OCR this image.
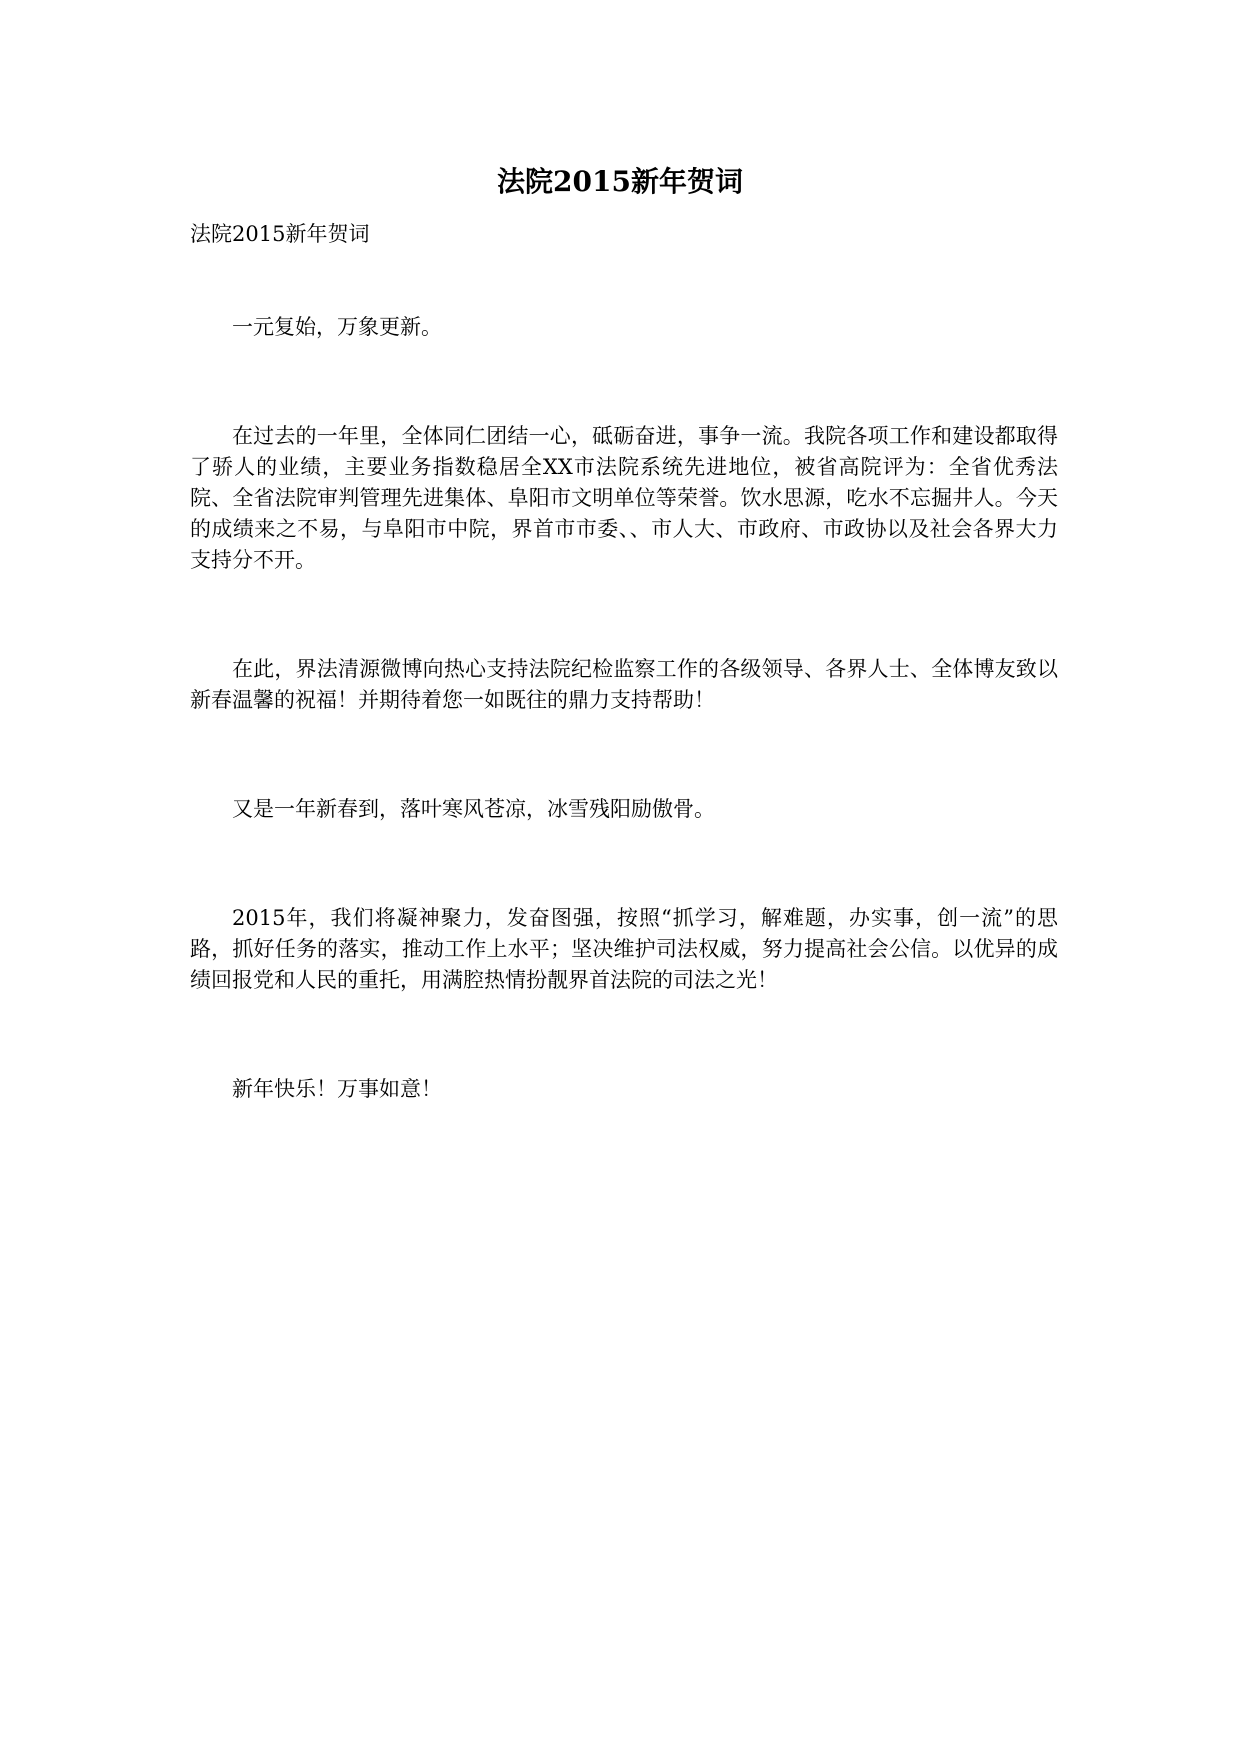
法院2015新年贺词
法院2015新年贺词

一元复始，万象更新。

在过去的一年里，全体同仁团结一心，砥砺奋进，事争一流。我院各项工作和建设都取得了骄人的业绩，主要业务指数稳居全XX市法院系统先进地位，被省高院评为：全省优秀法院、全省法院审判管理先进集体、阜阳市文明单位等荣誉。饮水思源，吃水不忘掘井人。今天的成绩来之不易，与阜阳市中院，界首市市委、、市人大、市政府、市政协以及社会各界大力支持分不开。

在此，界法清源微博向热心支持法院纪检监察工作的各级领导、各界人士、全体博友致以新春温馨的祝福！并期待着您一如既往的鼎力支持帮助！

又是一年新春到，落叶寒风苍凉，冰雪残阳励傲骨。

2015年，我们将凝神聚力，发奋图强，按照“抓学习，解难题，办实事，创一流”的思路，抓好任务的落实，推动工作上水平；坚决维护司法权威，努力提高社会公信。以优异的成绩回报党和人民的重托，用满腔热情扮靓界首法院的司法之光！

新年快乐！万事如意！
